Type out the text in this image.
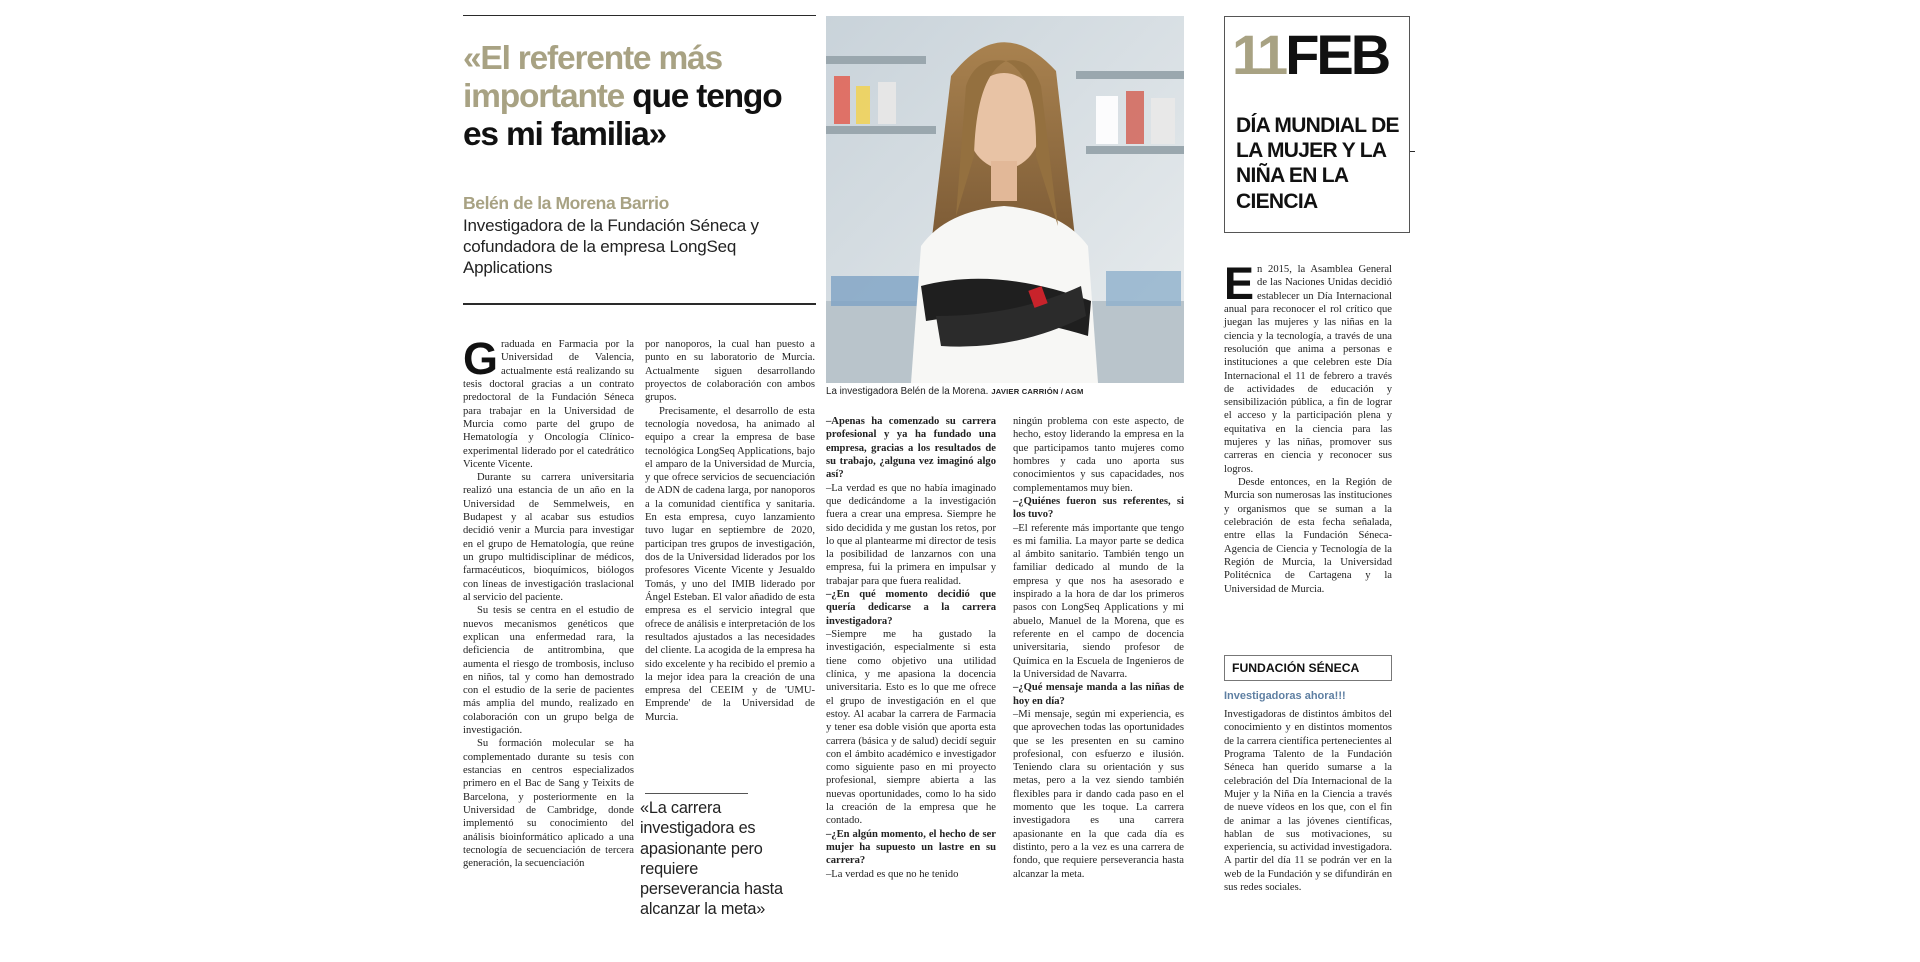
«El referente más importante que tengo es mi familia»
Belén de la Morena Barrio
Investigadora de la Fundación Séneca y cofundadora de la empresa LongSeq Applications

Graduada en Farmacia por la Universidad de Valencia, actualmente está realizando su tesis doctoral gracias a un contrato predoctoral de la Fundación Séneca para trabajar en la Universidad de Murcia como parte del grupo de Hematología y Oncología Clínico-experimental liderado por el catedrático Vicente Vicente.

Durante su carrera universitaria realizó una estancia de un año en la Universidad de Semmelweis, en Budapest y al acabar sus estudios decidió venir a Murcia para investigar en el grupo de Hematología, que reúne un grupo multidisciplinar de médicos, farmacéuticos, bioquímicos, biólogos con líneas de investigación traslacional al servicio del paciente.

Su tesis se centra en el estudio de nuevos mecanismos genéticos que explican una enfermedad rara, la deficiencia de antitrombina, que aumenta el riesgo de trombosis, incluso en niños, tal y como han demostrado con el estudio de la serie de pacientes más amplia del mundo, realizado en colaboración con un grupo belga de investigación.

Su formación molecular se ha complementado durante su tesis con estancias en centros especializados primero en el Bac de Sang y Teixits de Barcelona, y posteriormente en la Universidad de Cambridge, donde implementó su conocimiento del análisis bioinformático aplicado a una tecnología de secuenciación de tercera generación, la secuenciación

por nanoporos, la cual han puesto a punto en su laboratorio de Murcia. Actualmente siguen desarrollando proyectos de colaboración con ambos grupos.

Precisamente, el desarrollo de esta tecnología novedosa, ha animado al equipo a crear la empresa de base tecnológica LongSeq Applications, bajo el amparo de la Universidad de Murcia, y que ofrece servicios de secuenciación de ADN de cadena larga, por nanoporos a la comunidad científica y sanitaria. En esta empresa, cuyo lanzamiento tuvo lugar en septiembre de 2020, participan tres grupos de investigación, dos de la Universidad liderados por los profesores Vicente Vicente y Jesualdo Tomás, y uno del IMIB liderado por Ángel Esteban. El valor añadido de esta empresa es el servicio integral que ofrece de análisis e interpretación de los resultados ajustados a las necesidades del cliente. La acogida de la empresa ha sido excelente y ha recibido el premio a la mejor idea para la creación de una empresa del CEEIM y de 'UMU-Emprende' de la Universidad de Murcia.

«La carrera investigadora es apasionante pero requiere perseverancia hasta alcanzar la meta»
La investigadora Belén de la Morena. JAVIER CARRIÓN / AGM

–Apenas ha comenzado su carrera profesional y ya ha fundado una empresa, gracias a los resultados de su trabajo, ¿alguna vez imaginó algo así?

–La verdad es que no había imaginado que dedicándome a la investigación fuera a crear una empresa. Siempre he sido decidida y me gustan los retos, por lo que al plantearme mi director de tesis la posibilidad de lanzarnos con una empresa, fui la primera en impulsar y trabajar para que fuera realidad.

–¿En qué momento decidió que quería dedicarse a la carrera investigadora?

–Siempre me ha gustado la investigación, especialmente si esta tiene como objetivo una utilidad clínica, y me apasiona la docencia universitaria. Esto es lo que me ofrece el grupo de investigación en el que estoy. Al acabar la carrera de Farmacia y tener esa doble visión que aporta esta carrera (básica y de salud) decidí seguir con el ámbito académico e investigador como siguiente paso en mi proyecto profesional, siempre abierta a las nuevas oportunidades, como lo ha sido la creación de la empresa que he contado.

–¿En algún momento, el hecho de ser mujer ha supuesto un lastre en su carrera?

–La verdad es que no he tenido

ningún problema con este aspecto, de hecho, estoy liderando la empresa en la que participamos tanto mujeres como hombres y cada uno aporta sus conocimientos y sus capacidades, nos complementamos muy bien.

–¿Quiénes fueron sus referentes, si los tuvo?

–El referente más importante que tengo es mi familia. La mayor parte se dedica al ámbito sanitario. También tengo un familiar dedicado al mundo de la empresa y que nos ha asesorado e inspirado a la hora de dar los primeros pasos con LongSeq Applications y mi abuelo, Manuel de la Morena, que es referente en el campo de docencia universitaria, siendo profesor de Química en la Escuela de Ingenieros de la Universidad de Navarra.

–¿Qué mensaje manda a las niñas de hoy en día?

–Mi mensaje, según mi experiencia, es que aprovechen todas las oportunidades que se les presenten en su camino profesional, con esfuerzo e ilusión. Teniendo clara su orientación y sus metas, pero a la vez siendo también flexibles para ir dando cada paso en el momento que les toque. La carrera investigadora es una carrera apasionante en la que cada día es distinto, pero a la vez es una carrera de fondo, que requiere perseverancia hasta alcanzar la meta.

11FEB
DÍA MUNDIAL DE LA MUJER Y LA NIÑA EN LA CIENCIA

En 2015, la Asamblea General de las Naciones Unidas decidió establecer un Día Internacional anual para reconocer el rol crítico que juegan las mujeres y las niñas en la ciencia y la tecnología, a través de una resolución que anima a personas e instituciones a que celebren este Día Internacional el 11 de febrero a través de actividades de educación y sensibilización pública, a fin de lograr el acceso y la participación plena y equitativa en la ciencia para las mujeres y las niñas, promover sus carreras en ciencia y reconocer sus logros.

Desde entonces, en la Región de Murcia son numerosas las instituciones y organismos que se suman a la celebración de esta fecha señalada, entre ellas la Fundación Séneca-Agencia de Ciencia y Tecnología de la Región de Murcia, la Universidad Politécnica de Cartagena y la Universidad de Murcia.

FUNDACIÓN SÉNECA
Investigadoras ahora!!!

Investigadoras de distintos ámbitos del conocimiento y en distintos momentos de la carrera científica pertenecientes al Programa Talento de la Fundación Séneca han querido sumarse a la celebración del Día Internacional de la Mujer y la Niña en la Ciencia a través de nueve vídeos en los que, con el fin de animar a las jóvenes científicas, hablan de sus motivaciones, su experiencia, su actividad investigadora. A partir del día 11 se podrán ver en la web de la Fundación y se difundirán en sus redes sociales.
